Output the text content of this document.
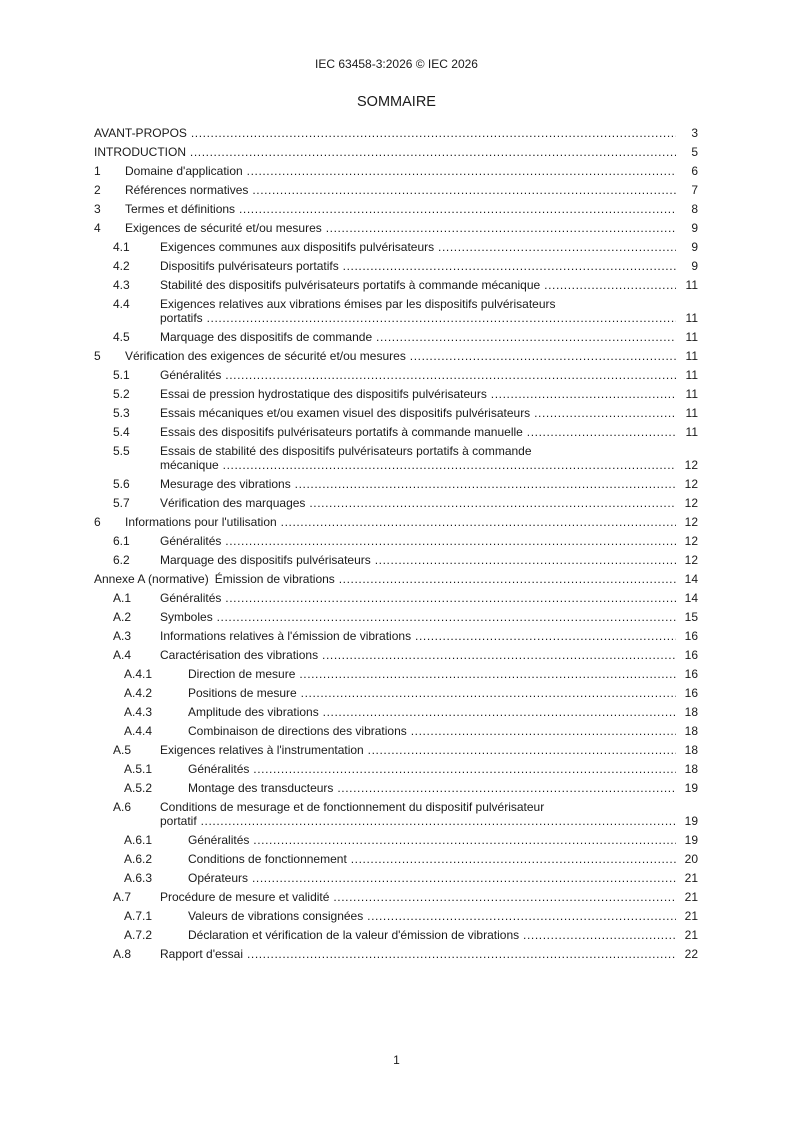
IEC 63458-3:2026 © IEC 2026
SOMMAIRE
AVANT-PROPOS .....	3
INTRODUCTION .....	5
1 Domaine d'application .....	6
2 Références normatives .....	7
3 Termes et définitions .....	8
4 Exigences de sécurité et/ou mesures .....	9
4.1	Exigences communes aux dispositifs pulvérisateurs .....	9
4.2	Dispositifs pulvérisateurs portatifs .....	9
4.3	Stabilité des dispositifs pulvérisateurs portatifs à commande mécanique .....	11
4.4	Exigences relatives aux vibrations émises par les dispositifs pulvérisateurs
portatifs .....	11
4.5	Marquage des dispositifs de commande .....	11
5 Vérification des exigences de sécurité et/ou mesures .....	11
5.1	Généralités .....	11
5.2	Essai de pression hydrostatique des dispositifs pulvérisateurs .....	11
5.3	Essais mécaniques et/ou examen visuel des dispositifs pulvérisateurs .....	11
5.4	Essais des dispositifs pulvérisateurs portatifs à commande manuelle .....	11
5.5	Essais de stabilité des dispositifs pulvérisateurs portatifs à commande
mécanique .....	12
5.6	Mesurage des vibrations .....	12
5.7	Vérification des marquages .....	12
6 Informations pour l'utilisation .....	12
6.1	Généralités .....	12
6.2	Marquage des dispositifs pulvérisateurs .....	12
Annexe A (normative) Émission de vibrations .....	14
A.1 Généralités .....	14
A.2 Symboles .....	15
A.3 Informations relatives à l'émission de vibrations .....	16
A.4 Caractérisation des vibrations .....	16
A.4.1	Direction de mesure .....	16
A.4.2	Positions de mesure .....	16
A.4.3	Amplitude des vibrations .....	18
A.4.4	Combinaison de directions des vibrations .....	18
A.5 Exigences relatives à l'instrumentation .....	18
A.5.1	Généralités .....	18
A.5.2	Montage des transducteurs .....	19
A.6 Conditions de mesurage et de fonctionnement du dispositif pulvérisateur
portatif .....	19
A.6.1	Généralités .....	19
A.6.2	Conditions de fonctionnement .....	20
A.6.3	Opérateurs .....	21
A.7 Procédure de mesure et validité .....	21
A.7.1	Valeurs de vibrations consignées .....	21
A.7.2	Déclaration et vérification de la valeur d'émission de vibrations .....	21
A.8 Rapport d'essai .....	22
1
